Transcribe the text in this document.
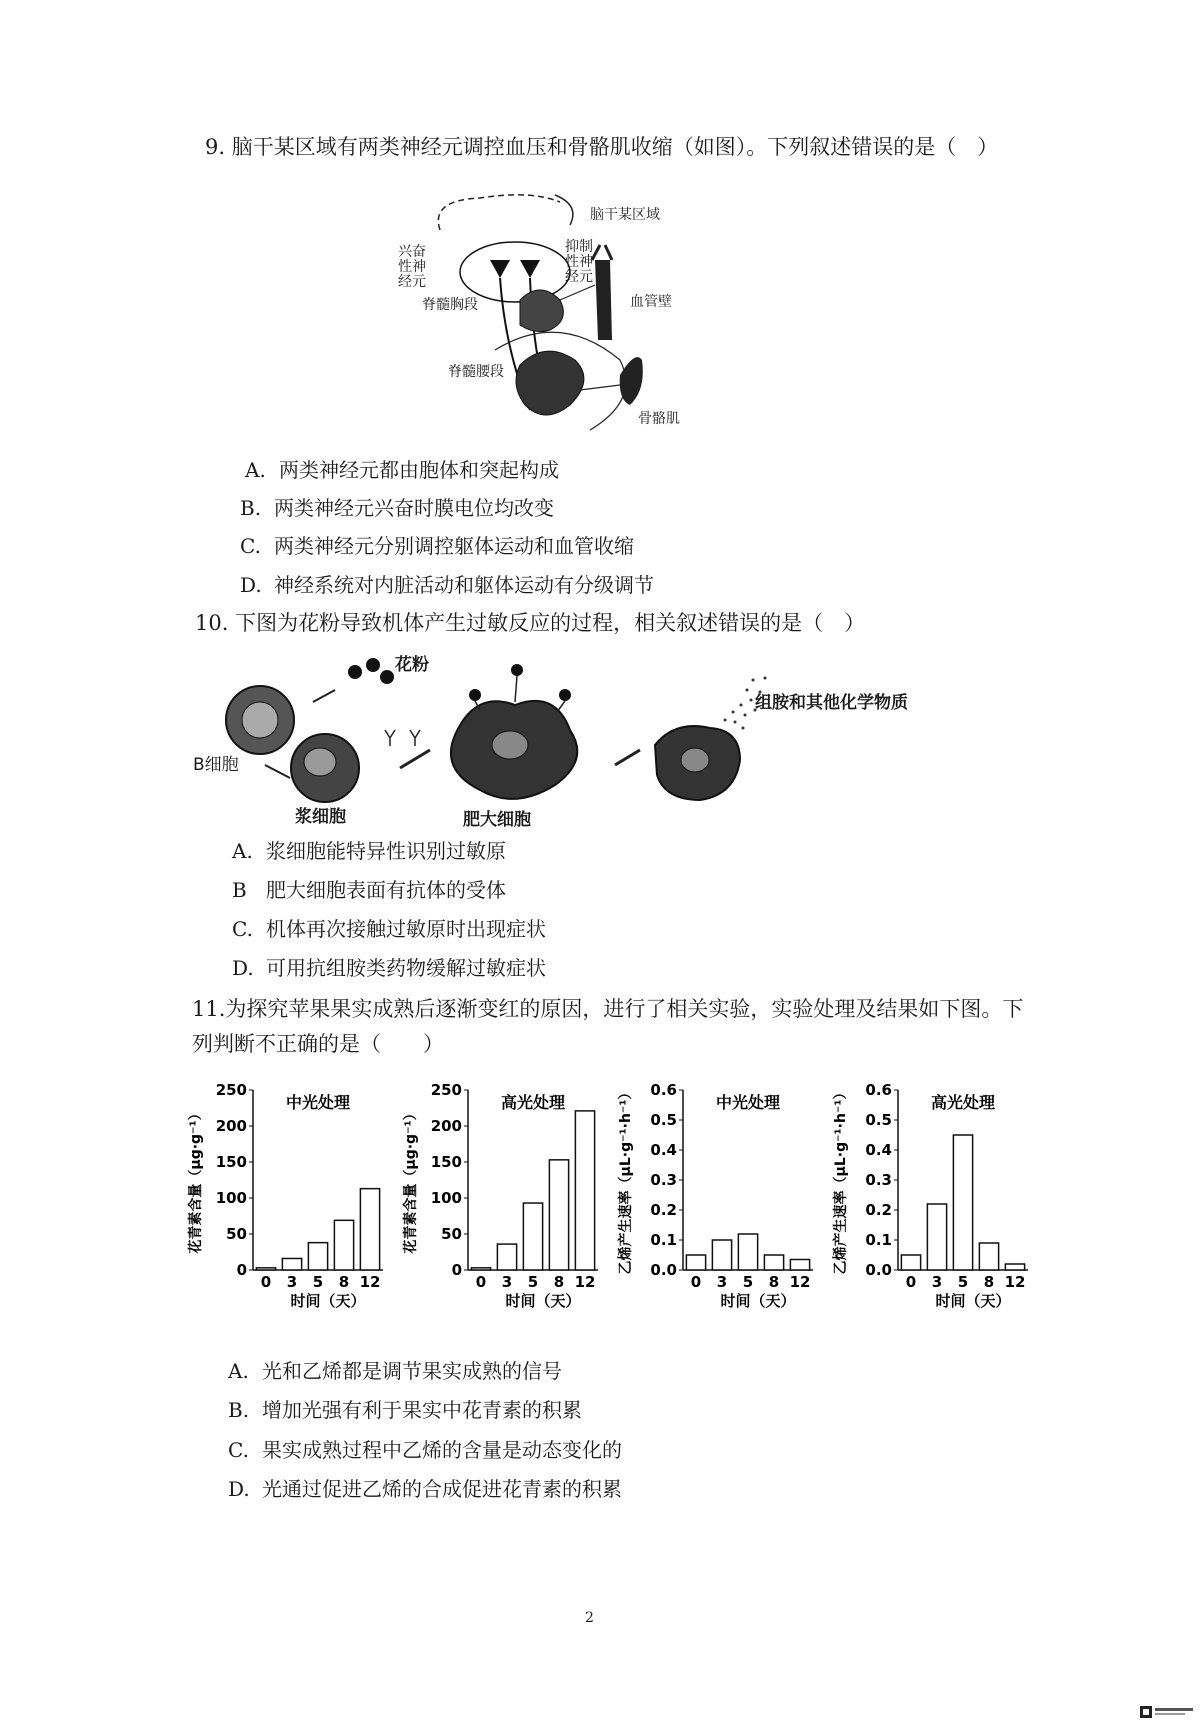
9. 脑干某区域有两类神经元调控血压和骨骼肌收缩（如图）。下列叙述错误的是（　）
脑干某区域
兴奋性神经元
抑制性神经元
脊髓胸段
脊髓腰段
血管壁
骨骼肌
A. 两类神经元都由胞体和突起构成
B. 两类神经元兴奋时膜电位均改变
C. 两类神经元分别调控躯体运动和血管收缩
D. 神经系统对内脏活动和躯体运动有分级调节
10. 下图为花粉导致机体产生过敏反应的过程，相关叙述错误的是（　）
花粉
B细胞
浆细胞	肥大细胞
组胺和其他化学物质
A. 浆细胞能特异性识别过敏原
B 肥大细胞表面有抗体的受体
C. 机体再次接触过敏原时出现症状
D. 可用抗组胺类药物缓解过敏症状
11.为探究苹果果实成熟后逐渐变红的原因，进行了相关实验，实验处理及结果如下图。下
列判断不正确的是（　　）
花青素含量（μg·g⁻¹）
0
50
100
150
200
250
中光处理
0 3 5 8 12
时间（天）
花青素含量（μg·g⁻¹）
0
50
100
150
200
250
高光处理
0 3 5 8 12
时间（天）
乙烯产生速率（μL·g⁻¹·h⁻¹） 0.0
0.1
0.2
0.3
0.4
0.5
0.6
中光处理
0 3 5 8 12
时间（天）
乙烯产生速率（μL·g⁻¹·h⁻¹） 0.0
0.1
0.2
0.3
0.4
0.5
0.6
高光处理
0 3 5 8 12
时间（天）
A. 光和乙烯都是调节果实成熟的信号
B. 增加光强有利于果实中花青素的积累
C. 果实成熟过程中乙烯的含量是动态变化的
D. 光通过促进乙烯的合成促进花青素的积累
2
